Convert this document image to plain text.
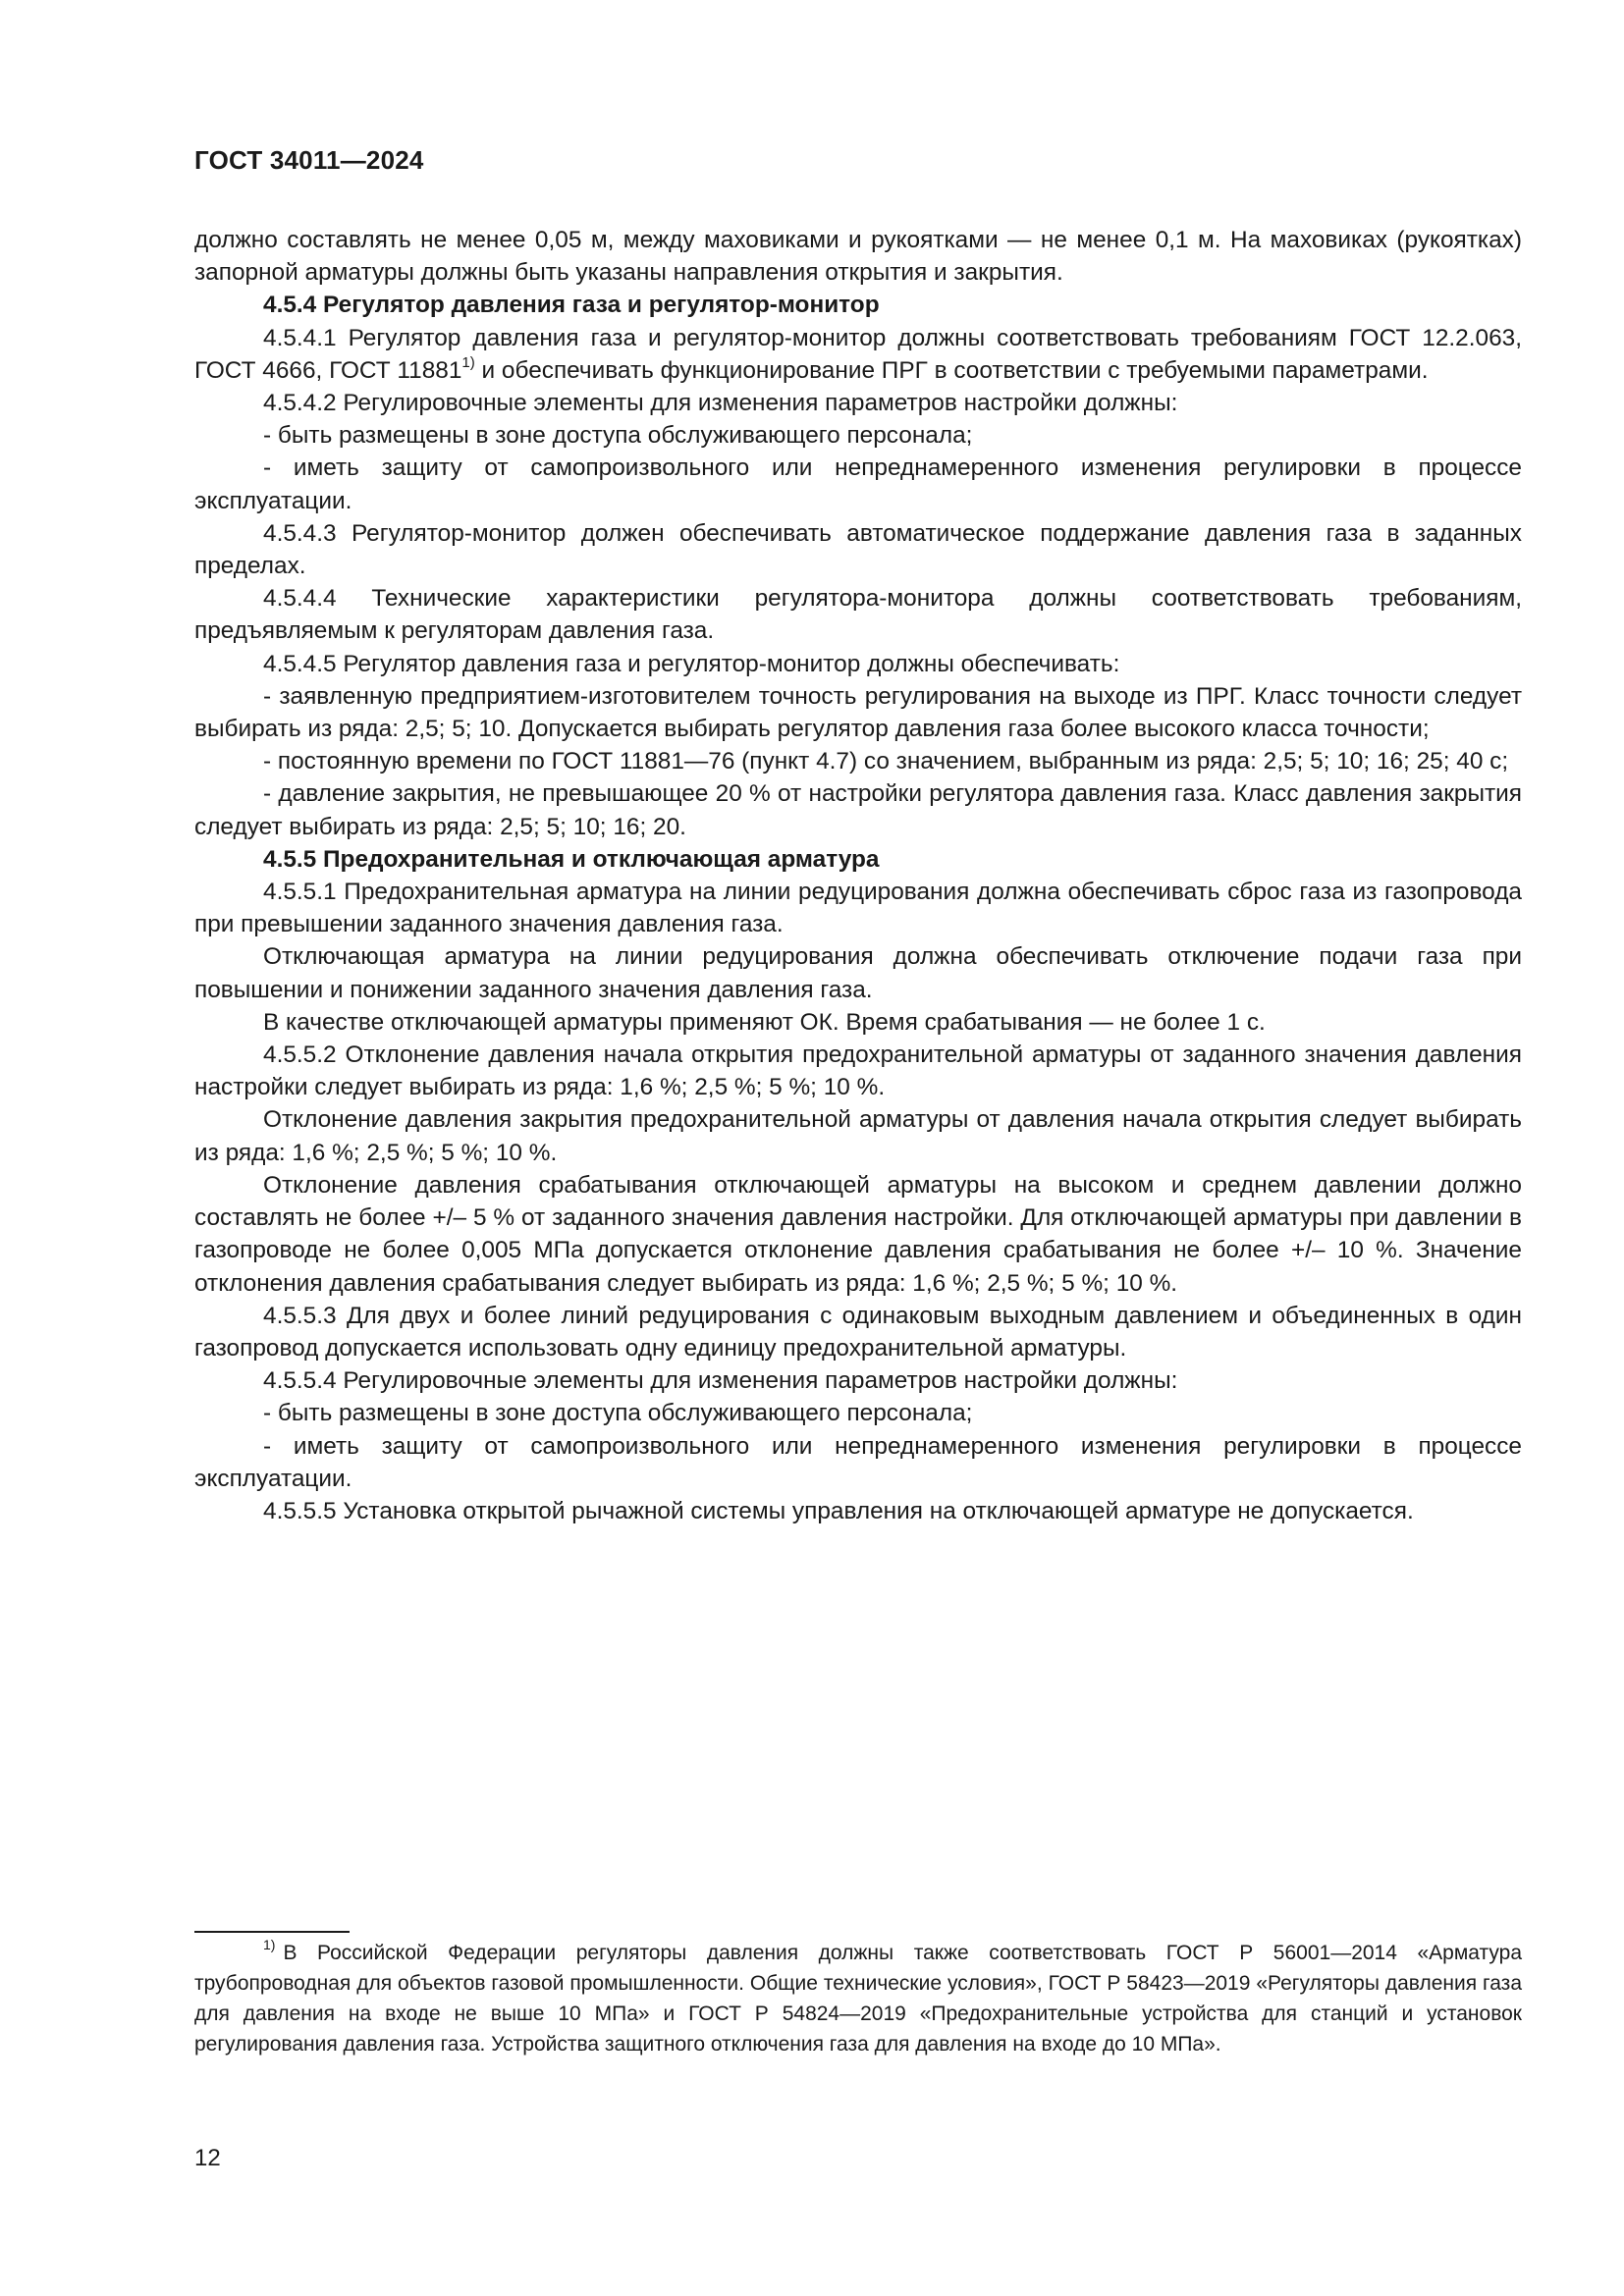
ГОСТ 34011—2024

должно составлять не менее 0,05 м, между маховиками и рукоятками — не менее 0,1 м. На маховиках (рукоятках) запорной арматуры должны быть указаны направления открытия и закрытия.

4.5.4 Регулятор давления газа и регулятор-монитор

4.5.4.1 Регулятор давления газа и регулятор-монитор должны соответствовать требованиям ГОСТ 12.2.063, ГОСТ 4666, ГОСТ 11881$^{1)}$ и обеспечивать функционирование ПРГ в соответствии с требуемыми параметрами.

4.5.4.2 Регулировочные элементы для изменения параметров настройки должны:

- быть размещены в зоне доступа обслуживающего персонала;

- иметь защиту от самопроизвольного или непреднамеренного изменения регулировки в процессе эксплуатации.

4.5.4.3 Регулятор-монитор должен обеспечивать автоматическое поддержание давления газа в заданных пределах.

4.5.4.4 Технические характеристики регулятора-монитора должны соответствовать требованиям, предъявляемым к регуляторам давления газа.

4.5.4.5 Регулятор давления газа и регулятор-монитор должны обеспечивать:

- заявленную предприятием-изготовителем точность регулирования на выходе из ПРГ. Класс точности следует выбирать из ряда: 2,5; 5; 10. Допускается выбирать регулятор давления газа более высокого класса точности;

- постоянную времени по ГОСТ 11881—76 (пункт 4.7) со значением, выбранным из ряда: 2,5; 5; 10; 16; 25; 40 с;

- давление закрытия, не превышающее 20 % от настройки регулятора давления газа. Класс давления закрытия следует выбирать из ряда: 2,5; 5; 10; 16; 20.

4.5.5 Предохранительная и отключающая арматура

4.5.5.1 Предохранительная арматура на линии редуцирования должна обеспечивать сброс газа из газопровода при превышении заданного значения давления газа.

Отключающая арматура на линии редуцирования должна обеспечивать отключение подачи газа при повышении и понижении заданного значения давления газа.

В качестве отключающей арматуры применяют ОК. Время срабатывания — не более 1 с.

4.5.5.2 Отклонение давления начала открытия предохранительной арматуры от заданного значения давления настройки следует выбирать из ряда: 1,6 %; 2,5 %; 5 %; 10 %.

Отклонение давления закрытия предохранительной арматуры от давления начала открытия следует выбирать из ряда: 1,6 %; 2,5 %; 5 %; 10 %.

Отклонение давления срабатывания отключающей арматуры на высоком и среднем давлении должно составлять не более +/– 5 % от заданного значения давления настройки. Для отключающей арматуры при давлении в газопроводе не более 0,005 МПа допускается отклонение давления срабатывания не более +/– 10 %. Значение отклонения давления срабатывания следует выбирать из ряда: 1,6 %; 2,5 %; 5 %; 10 %.

4.5.5.3 Для двух и более линий редуцирования с одинаковым выходным давлением и объединенных в один газопровод допускается использовать одну единицу предохранительной арматуры.

4.5.5.4 Регулировочные элементы для изменения параметров настройки должны:

- быть размещены в зоне доступа обслуживающего персонала;

- иметь защиту от самопроизвольного или непреднамеренного изменения регулировки в процессе эксплуатации.

4.5.5.5 Установка открытой рычажной системы управления на отключающей арматуре не допускается.

$^{1)}$ В Российской Федерации регуляторы давления должны также соответствовать ГОСТ Р 56001—2014 «Арматура трубопроводная для объектов газовой промышленности. Общие технические условия», ГОСТ Р 58423—2019 «Регуляторы давления газа для давления на входе не выше 10 МПа» и ГОСТ Р 54824—2019 «Предохранительные устройства для станций и установок регулирования давления газа. Устройства защитного отключения газа для давления на входе до 10 МПа».

12
